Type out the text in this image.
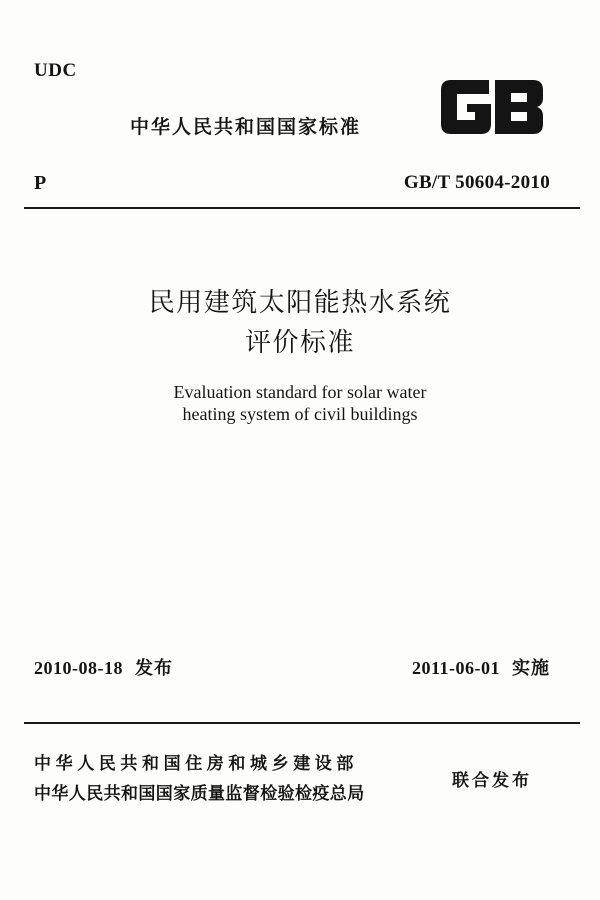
UDC
中华人民共和国国家标准
P	GB/T 50604-2010
民用建筑太阳能热水系统
评价标准
Evaluation standard for solar water
heating system of civil buildings
2010-08-18 发布	2011-06-01 实施
中华人民共和国住房和城乡建设部
中华人民共和国国家质量监督检验检疫总局
联合发布
